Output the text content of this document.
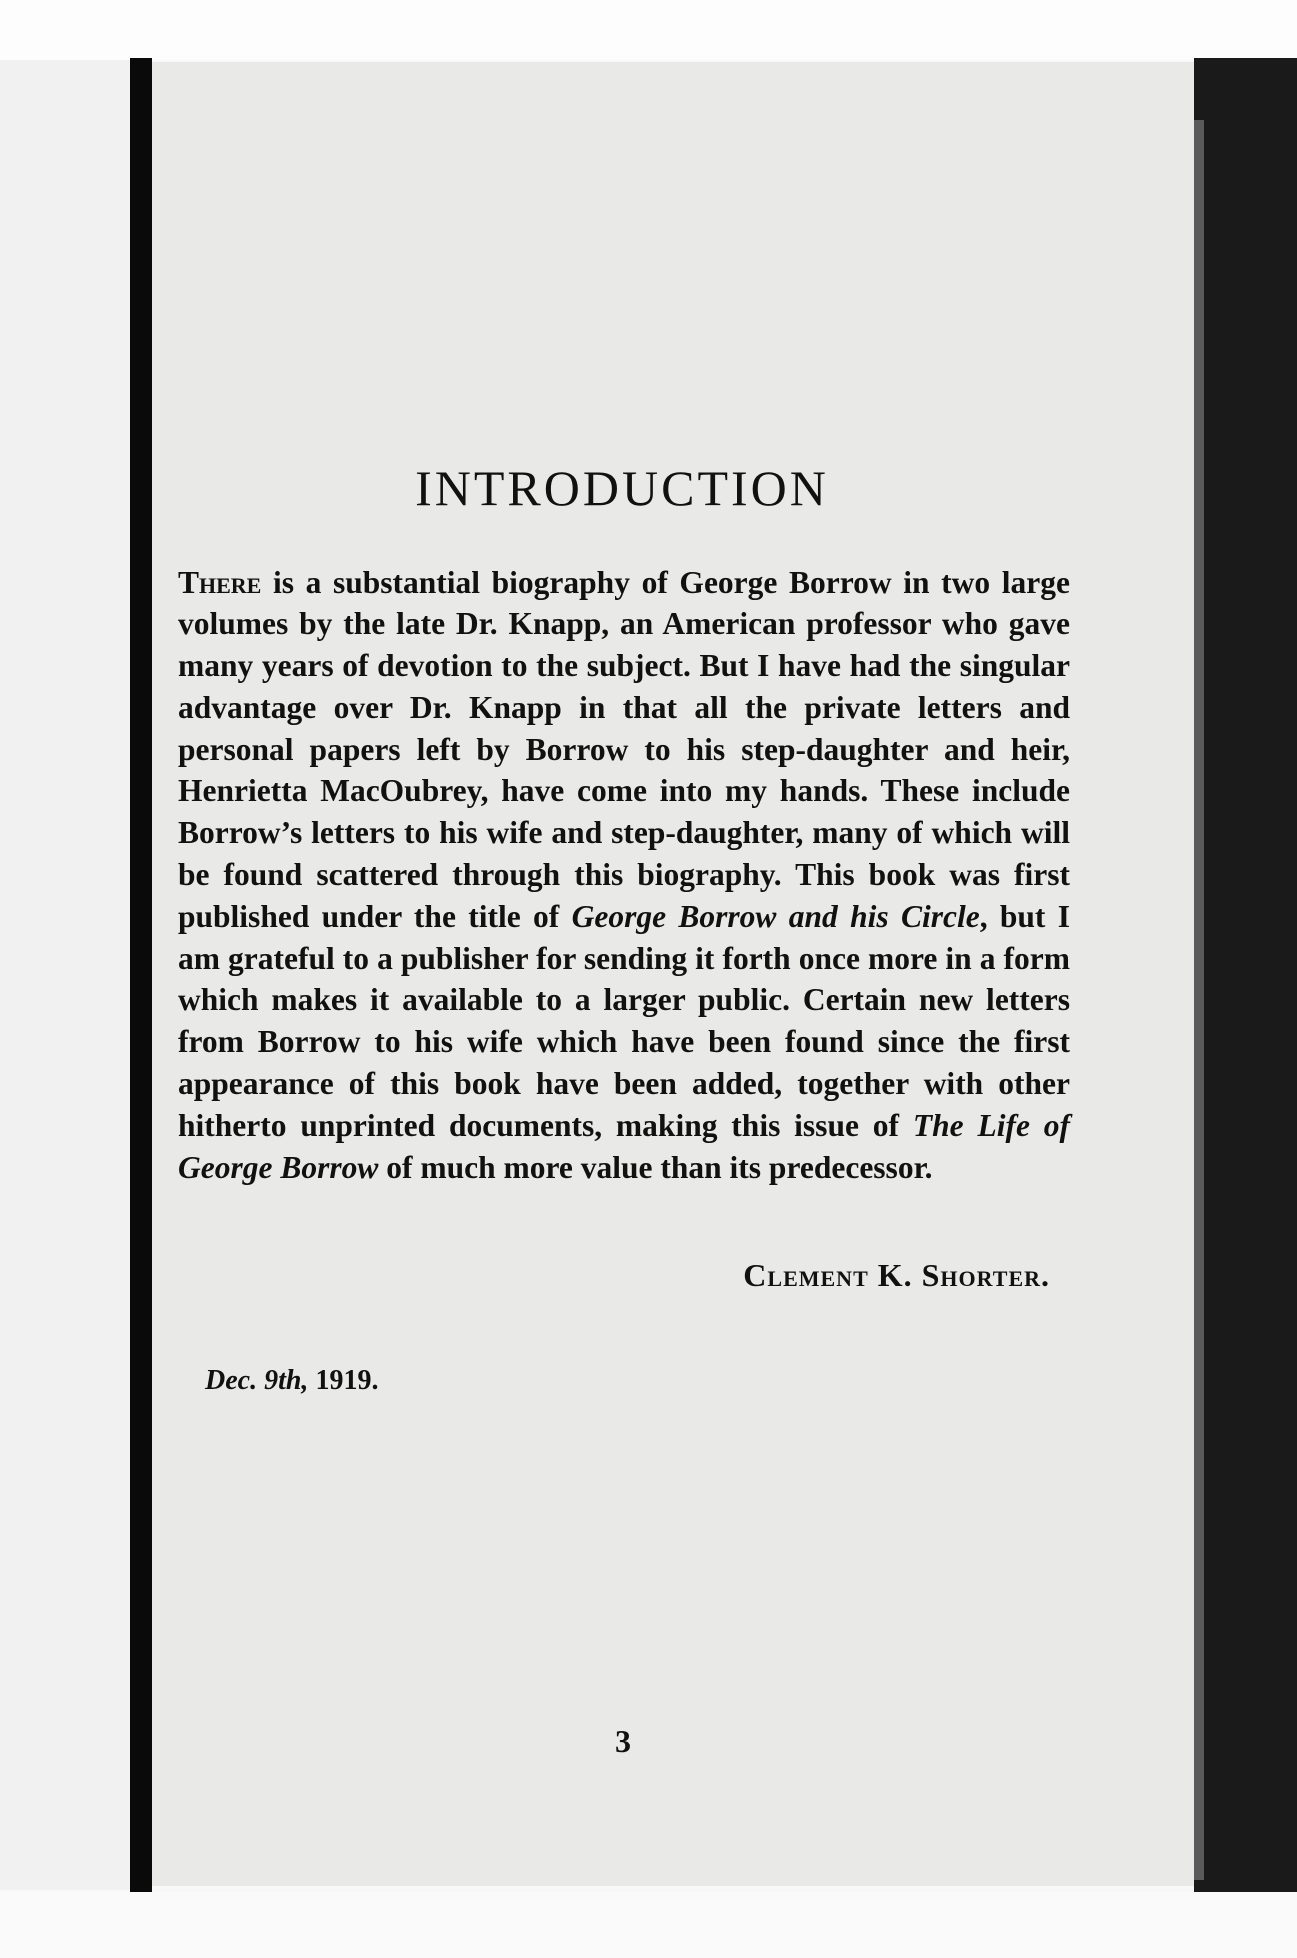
INTRODUCTION

There is a substantial biography of George Borrow in two large volumes by the late Dr. Knapp, an American professor who gave many years of devotion to the subject. But I have had the singular advantage over Dr. Knapp in that all the private letters and personal papers left by Borrow to his step-daughter and heir, Henrietta MacOubrey, have come into my hands. These include Borrow’s letters to his wife and step-daughter, many of which will be found scattered through this biography. This book was first published under the title of George Borrow and his Circle, but I am grateful to a publisher for sending it forth once more in a form which makes it available to a larger public. Certain new letters from Borrow to his wife which have been found since the first appearance of this book have been added, together with other hitherto unprinted documents, making this issue of The Life of George Borrow of much more value than its predecessor.

Clement K. Shorter.
Dec. 9th, 1919.
3
